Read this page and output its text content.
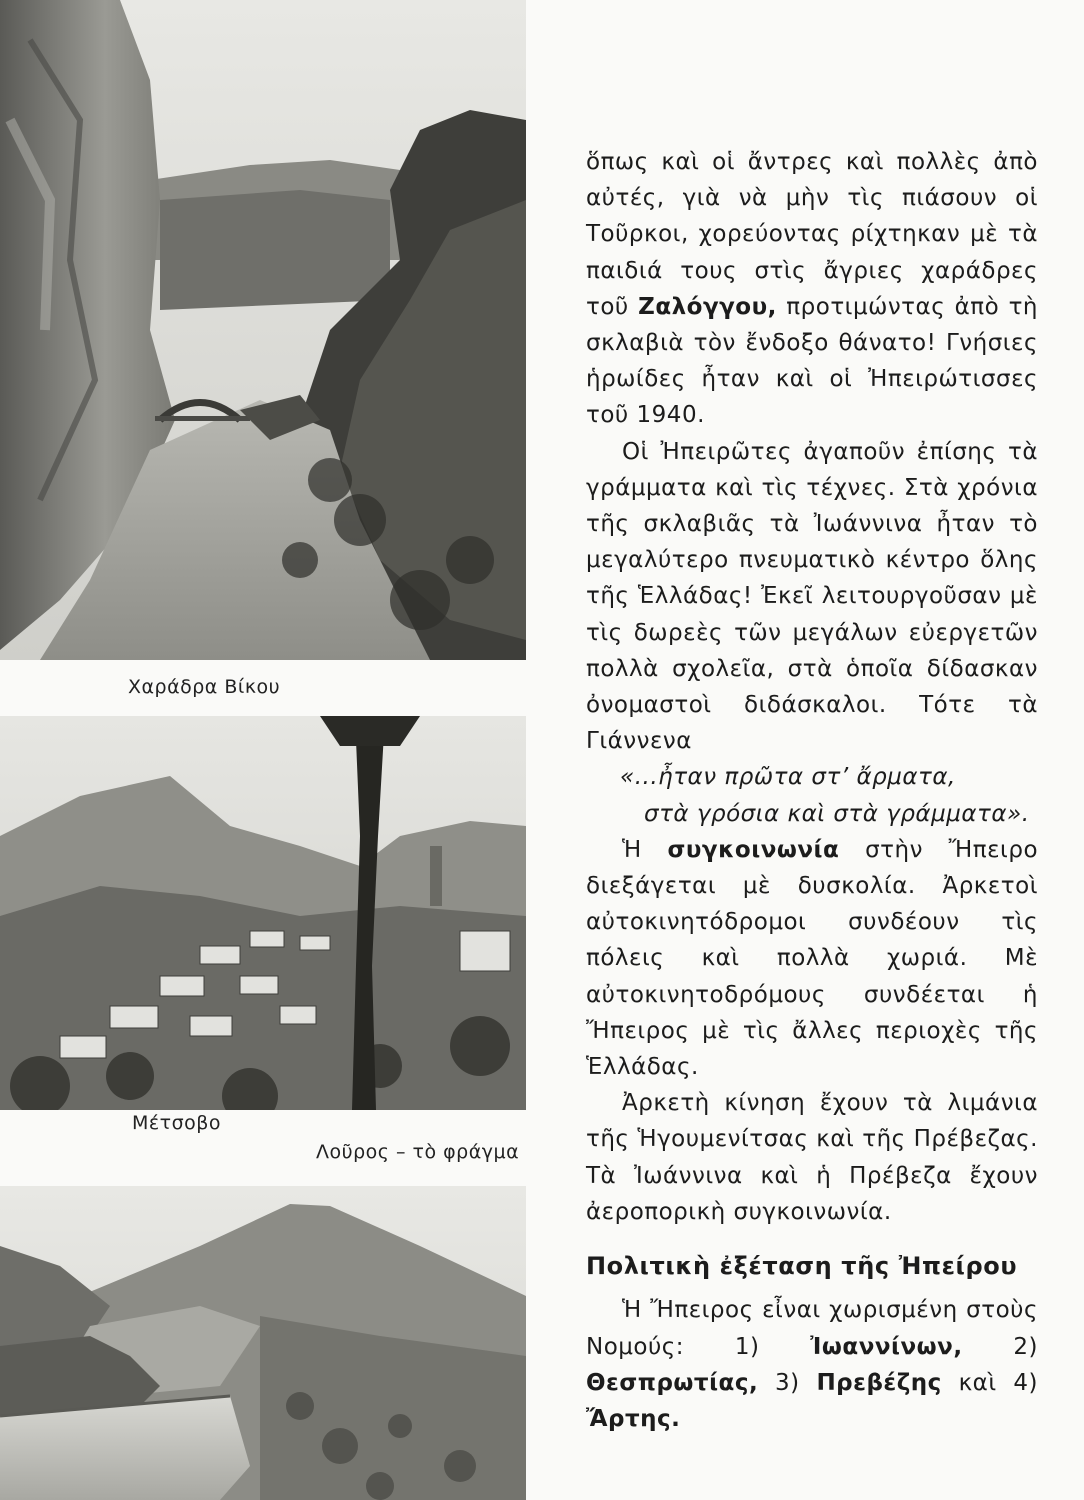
Χαράδρα Βίκου
Μέτσοβο
Λοῦρος – τὸ φράγμα

ὅπως καὶ οἱ ἄντρες καὶ πολλὲς ἀπὸ αὐτές, γιὰ νὰ μὴν τὶς πιάσουν οἱ Τοῦρκοι, χορεύοντας ρίχτηκαν μὲ τὰ παιδιά τους στὶς ἄγριες χαράδρες τοῦ Ζαλόγγου, προτιμώντας ἀπὸ τὴ σκλαβιὰ τὸν ἔνδοξο θάνατο! Γνήσιες ἡρωίδες ἦταν καὶ οἱ Ἠπειρώτισσες τοῦ 1940.

Οἱ Ἠπειρῶτες ἀγαποῦν ἐπίσης τὰ γράμματα καὶ τὶς τέχνες. Στὰ χρόνια τῆς σκλαβιᾶς τὰ Ἰωάννινα ἦταν τὸ μεγαλύτερο πνευματικὸ κέντρο ὅλης τῆς Ἑλλάδας! Ἐκεῖ λειτουργοῦσαν μὲ τὶς δωρεὲς τῶν μεγάλων εὐεργετῶν πολλὰ σχολεῖα, στὰ ὁποῖα δίδασκαν ὀνομαστοὶ διδάσκαλοι. Τότε τὰ Γιάννενα

«...ἦταν πρῶτα στ’ ἄρματα,

στὰ γρόσια καὶ στὰ γράμματα».

Ἡ συγκοινωνία στὴν Ἤπειρο διεξάγεται μὲ δυσκολία. Ἀρκετοὶ αὐτοκινητόδρομοι συνδέουν τὶς πόλεις καὶ πολλὰ χωριά. Μὲ αὐτοκινητοδρόμους συνδέεται ἡ Ἤπειρος μὲ τὶς ἄλλες περιοχὲς τῆς Ἑλλάδας.

Ἀρκετὴ κίνηση ἔχουν τὰ λιμάνια τῆς Ἡγουμενίτσας καὶ τῆς Πρέβεζας. Τὰ Ἰωάννινα καὶ ἡ Πρέβεζα ἔχουν ἀεροπορικὴ συγκοινωνία.

Πολιτικὴ ἐξέταση τῆς Ἠπείρου

Ἡ Ἤπειρος εἶναι χωρισμένη στοὺς Νομούς: 1) Ἰωαννίνων, 2) Θεσπρωτίας, 3) Πρεβέζης καὶ 4) Ἄρτης.
